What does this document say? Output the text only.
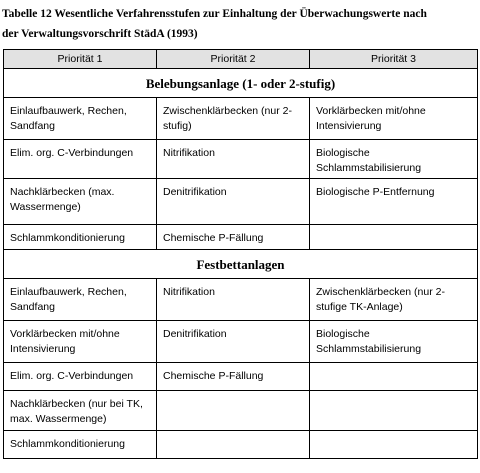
Tabelle 12 Wesentliche Verfahrensstufen zur Einhaltung der Überwachungswerte nach
der Verwaltungsvorschrift StädA (1993)
Priorität 1	Priorität 2	Priorität 3
Belebungsanlage (1- oder 2-stufig)		
Einlaufbauwerk, Rechen, Sandfang	Zwischenklärbecken (nur 2-stufig)	Vorklärbecken mit/ohne Intensivierung
Elim. org. C-Verbindungen	Nitrifikation	Biologische Schlammstabilisierung
Nachklärbecken (max. Wassermenge)	Denitrifikation	Biologische P-Entfernung
Schlammkonditionierung	Chemische P-Fällung	
Festbettanlagen		
Einlaufbauwerk, Rechen, Sandfang	Nitrifikation	Zwischenklärbecken (nur 2-stufige TK-Anlage)
Vorklärbecken mit/ohne Intensivierung	Denitrifikation	Biologische Schlammstabilisierung
Elim. org. C-Verbindungen	Chemische P-Fällung	
Nachklärbecken (nur bei TK, max. Wassermenge)		
Schlammkonditionierung		
